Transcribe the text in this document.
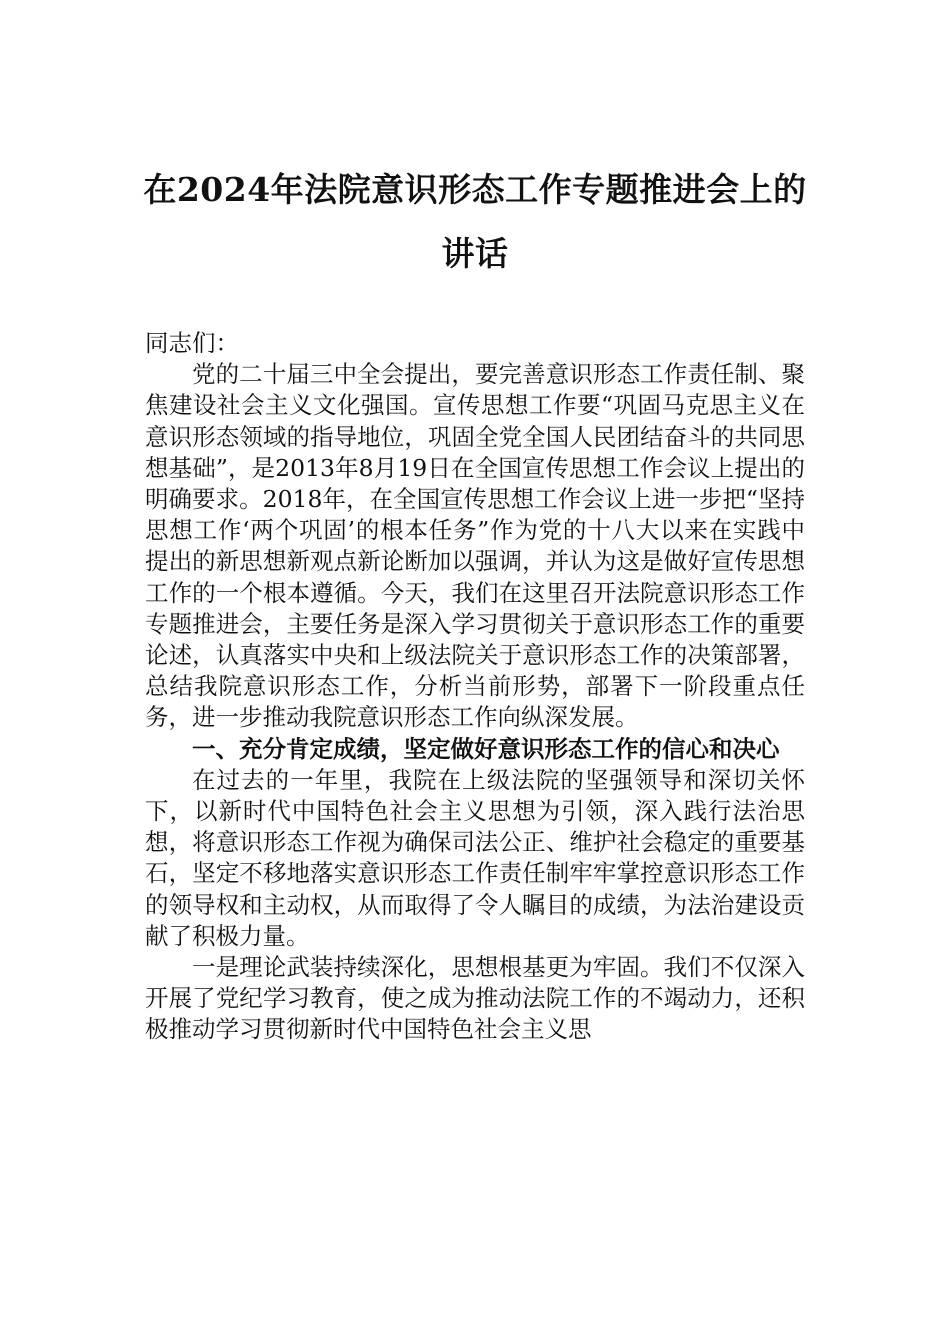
在2024年法院意识形态工作专题推进会上的讲话

同志们：

党的二十届三中全会提出，要完善意识形态工作责任制、聚焦建设社会主义文化强国。宣传思想工作要“巩固马克思主义在意识形态领域的指导地位，巩固全党全国人民团结奋斗的共同思想基础”，是2013年8月19日在全国宣传思想工作会议上提出的明确要求。2018年，在全国宣传思想工作会议上进一步把“坚持思想工作‘两个巩固’的根本任务”作为党的十八大以来在实践中提出的新思想新观点新论断加以强调，并认为这是做好宣传思想工作的一个根本遵循。今天，我们在这里召开法院意识形态工作专题推进会，主要任务是深入学习贯彻关于意识形态工作的重要论述，认真落实中央和上级法院关于意识形态工作的决策部署，总结我院意识形态工作，分析当前形势，部署下一阶段重点任务，进一步推动我院意识形态工作向纵深发展。

一、充分肯定成绩，坚定做好意识形态工作的信心和决心

在过去的一年里，我院在上级法院的坚强领导和深切关怀下，以新时代中国特色社会主义思想为引领，深入践行法治思想，将意识形态工作视为确保司法公正、维护社会稳定的重要基石，坚定不移地落实意识形态工作责任制牢牢掌控意识形态工作的领导权和主动权，从而取得了令人瞩目的成绩，为法治建设贡献了积极力量。

一是理论武装持续深化，思想根基更为牢固。我们不仅深入开展了党纪学习教育，使之成为推动法院工作的不竭动力，还积极推动学习贯彻新时代中国特色社会主义思
